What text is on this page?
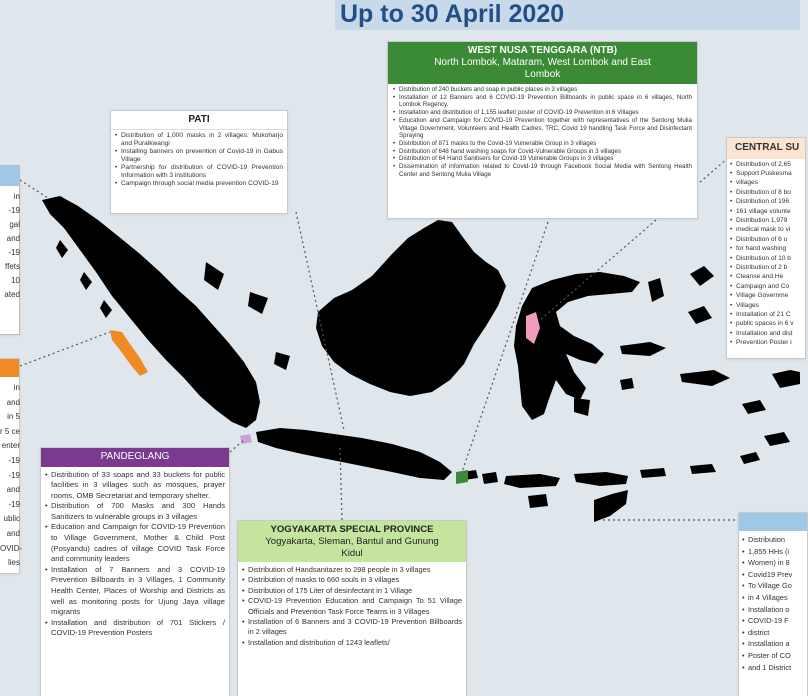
Up to 30 April 2020
in
-19
gal
and
-19
ffets
10
ated
in
and
in 5
r 5 ce
enter
-19
-19
and
-19
ublic
and
OVID-
lies
PATI
• Distribution of 1,000 masks in 2 villages: Mukoharjo and Puralkwangi
• Installing banners on prevention of Covid-19 in Gabus Village
• Partnership for distribution of COVID-19 Prevention Information with 3 institutions
• Campaign through social media prevention COVID-19
WEST NUSA TENGGARA (NTB)
North Lombok, Mataram, West Lombok and East Lombok
• Distribution of 240 buckets and soap in public places in 3 villages
• Installation of 12 Banners and 6 COVID-19 Prevention Billboards in public space in 6 villages, North Lombok Regency.
• Installation and distribution of 1,155 leaflet/ poster of COVID-19 Prevention in 6 Villages
• Education and Campaign for COVID-19 Prevention together with representatives of the Sentong Mulia Village Government, Volunteers and Health Cadres, TRC, Covid 19 handling Task Force and Disinfectant Spraying
• Distribution of 871 masks to the Covid-19 Vulnerable Group in 3 villages
• Distribution of 648 hand washing soaps for Covid-Vulnerable Groups in 3 villages
• Distribution of 64 Hand Sanitisers for Covid-19 Vulnerable Groups in 3 villages
• Dissemination of information related to Covid-19 through Facebook Social Media with Sentong Health Center and Sentong Mulia Village
CENTRAL SU
• Distribution of 2,65
• Support Puskesma
• villages
• Distribution of 8 bo
• Distribution of 196
• 161 village volunte
• Distribution 1,979
• medical mask to vi
• Distribution of 6 u
• for hand washing
• Distribution of 10 b
• Distribution of 2 b
• Cleanse and He
• Campaign and Co
• Village Governme
• Villages
• Installation of 21 C
• public spaces in 6 v
• Installation and dist
• Prevention Poster i
PANDEGLANG
• Distribution of 33 soaps and 33 buckets for public facilities in 3 villages such as mosques, prayer rooms, OMB Secretariat and temporary shelter.
• Distribution of 700 Masks and 300 Hands Sanitizers to vulnerable groups in 3 villages
• Education and Campaign for COVID-19 Prevention to Village Government, Mother & Child Post (Posyandu) cadres of village COVID Task Force and community leaders
• Installation of 7 Banners and 3 COVID-19 Prevention Billboards in 3 Villages, 1 Community Health Center, Places of Worship and Districts as well as monitoring posts for Ujung Jaya village migrants
• Installation and distribution of 701 Stickers / COVID-19 Prevention Posters
YOGYAKARTA SPECIAL PROVINCE
Yogyakarta, Sleman, Bantul and Gunung Kidul
• Distribution of Handsanitazer to 298 people in 3 villages
• Distribution of masks to 660 souls in 3 villages
• Distribution of 175 Liter of desinfectant in 1 Village
• COVID-19 Prevention Education and Campaign To 51 Village Officials and Prevention Task Force Teams in 3 Villages
• Installation of 6 Banners and 3 COVID-19 Prevention Billboards in 2 villages
• Installation and distribution of 1243 leaflets/
• Distribution
• 1,855 HHs (i
• Women) in 8
• Covid19 Prev
• To Village Go
• in 4 Villages
• Installation o
• COVID-19 F
• district
• Installation a
• Poster of CO
• and 1 District
